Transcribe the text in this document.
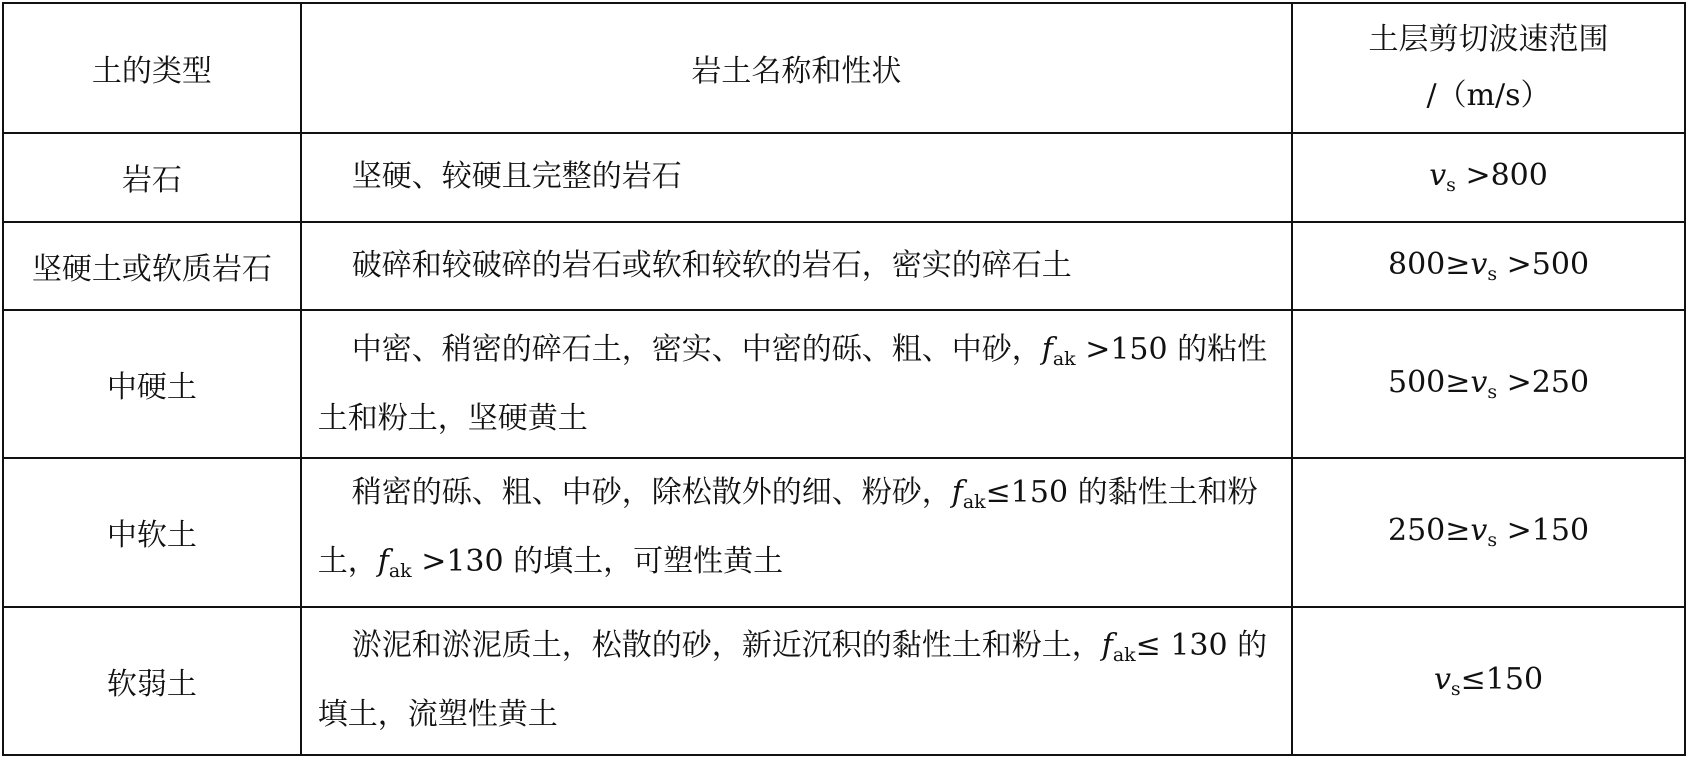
土的类型	岩土名称和性状	土层剪切波速范围
/（m/s）

岩石	坚硬、较硬且完整的岩石	$v_s >800$
坚硬土或软质岩石	破碎和较破碎的岩石或软和较软的岩石，密实的碎石土	$800\ge v_s >500$
中硬土	中密、稍密的碎石土，密实、中密的砾、粗、中砂，$f_{ak} >150$ 的粘性土和粉土，坚硬黄土	$500\ge v_s >250$
中软土	稍密的砾、粗、中砂，除松散外的细、粉砂，$f_{ak}\le 150$ 的黏性土和粉土，$f_{ak} >130$ 的填土，可塑性黄土	$250\ge v_s >150$
软弱土	淤泥和淤泥质土，松散的砂，新近沉积的黏性土和粉土，$f_{ak}\le 130$ 的填土，流塑性黄土	$v_s\le 150$
